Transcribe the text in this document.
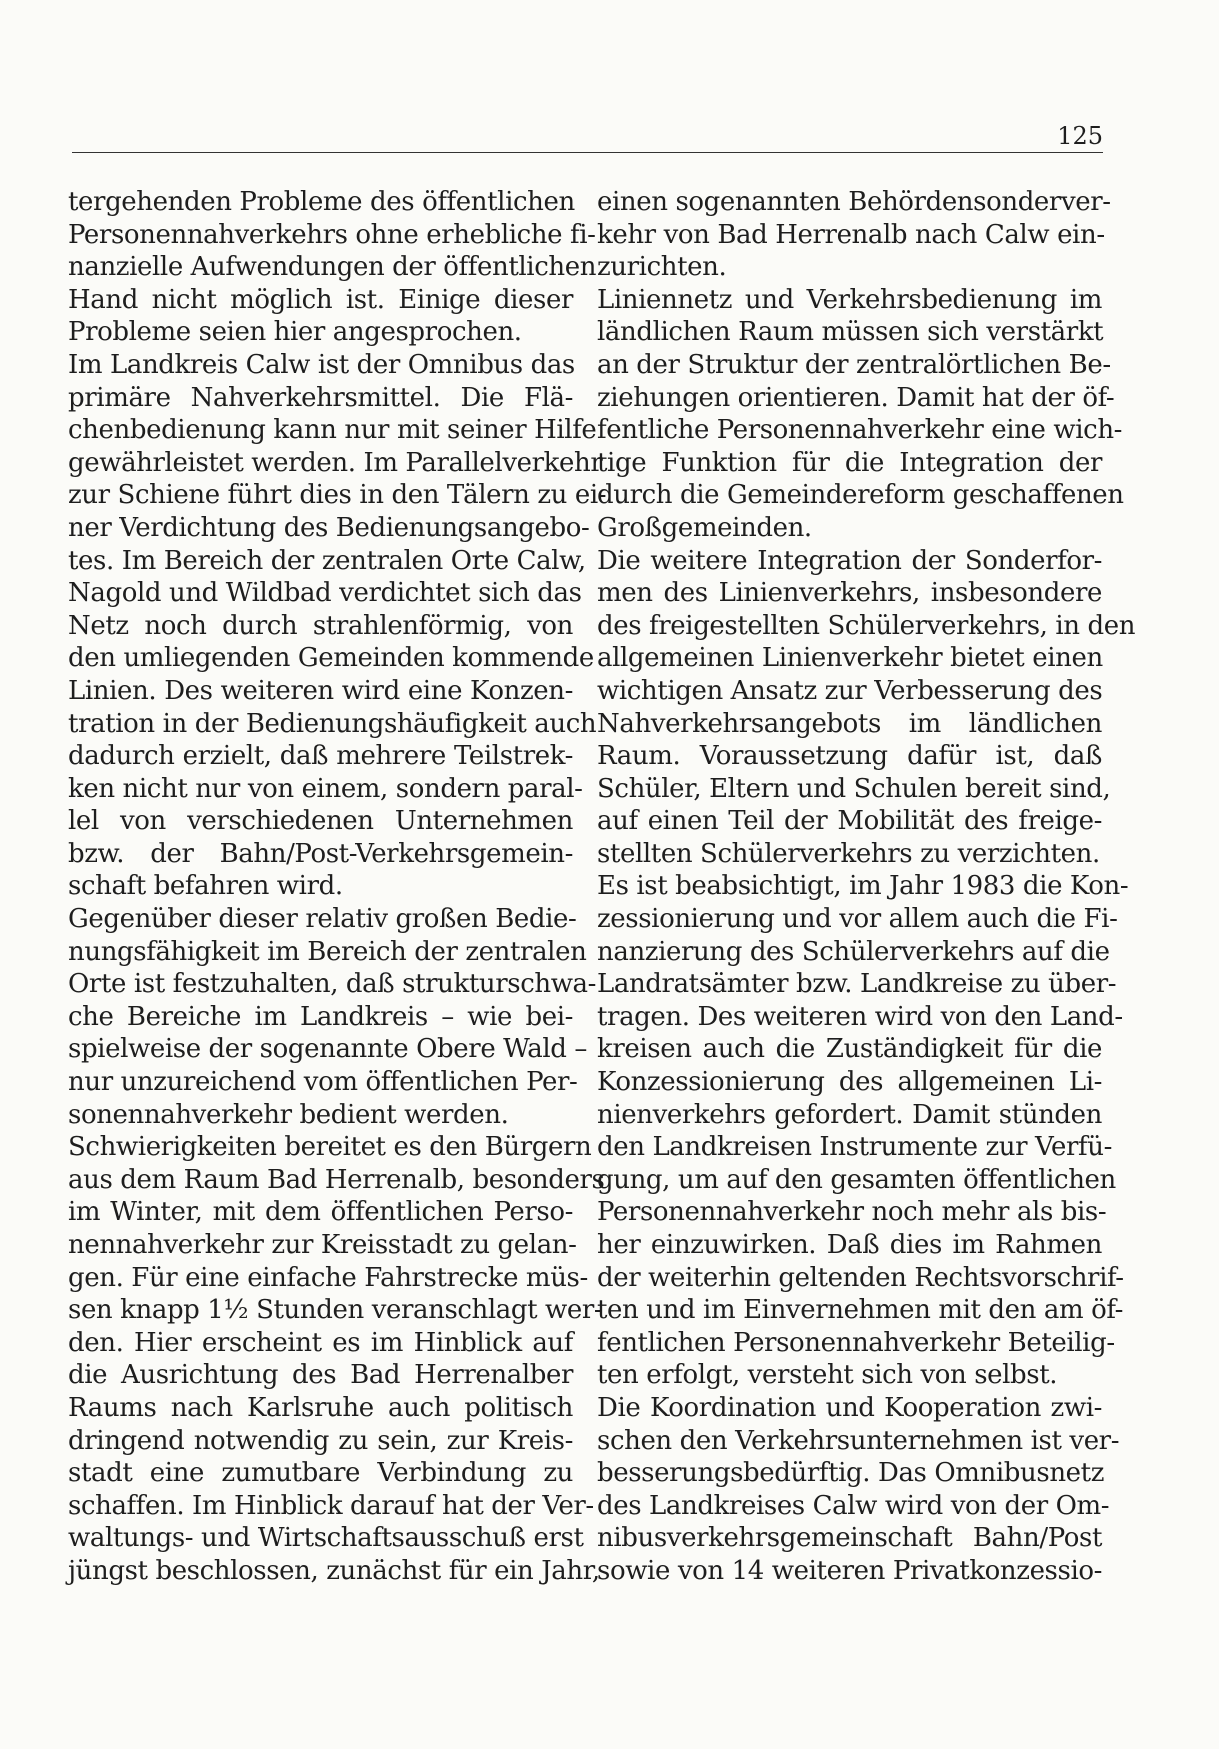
125
tergehenden Probleme des öffentlichen
Personennahverkehrs ohne erhebliche fi-
nanzielle Aufwendungen der öffentlichen
Hand nicht möglich ist. Einige dieser
Probleme seien hier angesprochen.
Im Landkreis Calw ist der Omnibus das
primäre Nahverkehrsmittel. Die Flä-
chenbedienung kann nur mit seiner Hilfe
gewährleistet werden. Im Parallelverkehr
zur Schiene führt dies in den Tälern zu ei-
ner Verdichtung des Bedienungsangebo-
tes. Im Bereich der zentralen Orte Calw,
Nagold und Wildbad verdichtet sich das
Netz noch durch strahlenförmig, von
den umliegenden Gemeinden kommende
Linien. Des weiteren wird eine Konzen-
tration in der Bedienungshäufigkeit auch
dadurch erzielt, daß mehrere Teilstrek-
ken nicht nur von einem, sondern paral-
lel von verschiedenen Unternehmen
bzw. der Bahn/Post-Verkehrsgemein-
schaft befahren wird.
Gegenüber dieser relativ großen Bedie-
nungsfähigkeit im Bereich der zentralen
Orte ist festzuhalten, daß strukturschwa-
che Bereiche im Landkreis – wie bei-
spielweise der sogenannte Obere Wald –
nur unzureichend vom öffentlichen Per-
sonennahverkehr bedient werden.
Schwierigkeiten bereitet es den Bürgern
aus dem Raum Bad Herrenalb, besonders
im Winter, mit dem öffentlichen Perso-
nennahverkehr zur Kreisstadt zu gelan-
gen. Für eine einfache Fahrstrecke müs-
sen knapp 1½ Stunden veranschlagt wer-
den. Hier erscheint es im Hinblick auf
die Ausrichtung des Bad Herrenalber
Raums nach Karlsruhe auch politisch
dringend notwendig zu sein, zur Kreis-
stadt eine zumutbare Verbindung zu
schaffen. Im Hinblick darauf hat der Ver-
waltungs- und Wirtschaftsausschuß erst
jüngst beschlossen, zunächst für ein Jahr,
einen sogenannten Behördensonderver-
kehr von Bad Herrenalb nach Calw ein-
zurichten.
Liniennetz und Verkehrsbedienung im
ländlichen Raum müssen sich verstärkt
an der Struktur der zentralörtlichen Be-
ziehungen orientieren. Damit hat der öf-
fentliche Personennahverkehr eine wich-
tige Funktion für die Integration der
durch die Gemeindereform geschaffenen
Großgemeinden.
Die weitere Integration der Sonderfor-
men des Linienverkehrs, insbesondere
des freigestellten Schülerverkehrs, in den
allgemeinen Linienverkehr bietet einen
wichtigen Ansatz zur Verbesserung des
Nahverkehrsangebots im ländlichen
Raum. Voraussetzung dafür ist, daß
Schüler, Eltern und Schulen bereit sind,
auf einen Teil der Mobilität des freige-
stellten Schülerverkehrs zu verzichten.
Es ist beabsichtigt, im Jahr 1983 die Kon-
zessionierung und vor allem auch die Fi-
nanzierung des Schülerverkehrs auf die
Landratsämter bzw. Landkreise zu über-
tragen. Des weiteren wird von den Land-
kreisen auch die Zuständigkeit für die
Konzessionierung des allgemeinen Li-
nienverkehrs gefordert. Damit stünden
den Landkreisen Instrumente zur Verfü-
gung, um auf den gesamten öffentlichen
Personennahverkehr noch mehr als bis-
her einzuwirken. Daß dies im Rahmen
der weiterhin geltenden Rechtsvorschrif-
ten und im Einvernehmen mit den am öf-
fentlichen Personennahverkehr Beteilig-
ten erfolgt, versteht sich von selbst.
Die Koordination und Kooperation zwi-
schen den Verkehrsunternehmen ist ver-
besserungsbedürftig. Das Omnibusnetz
des Landkreises Calw wird von der Om-
nibusverkehrsgemeinschaft Bahn/Post
sowie von 14 weiteren Privatkonzessio-
